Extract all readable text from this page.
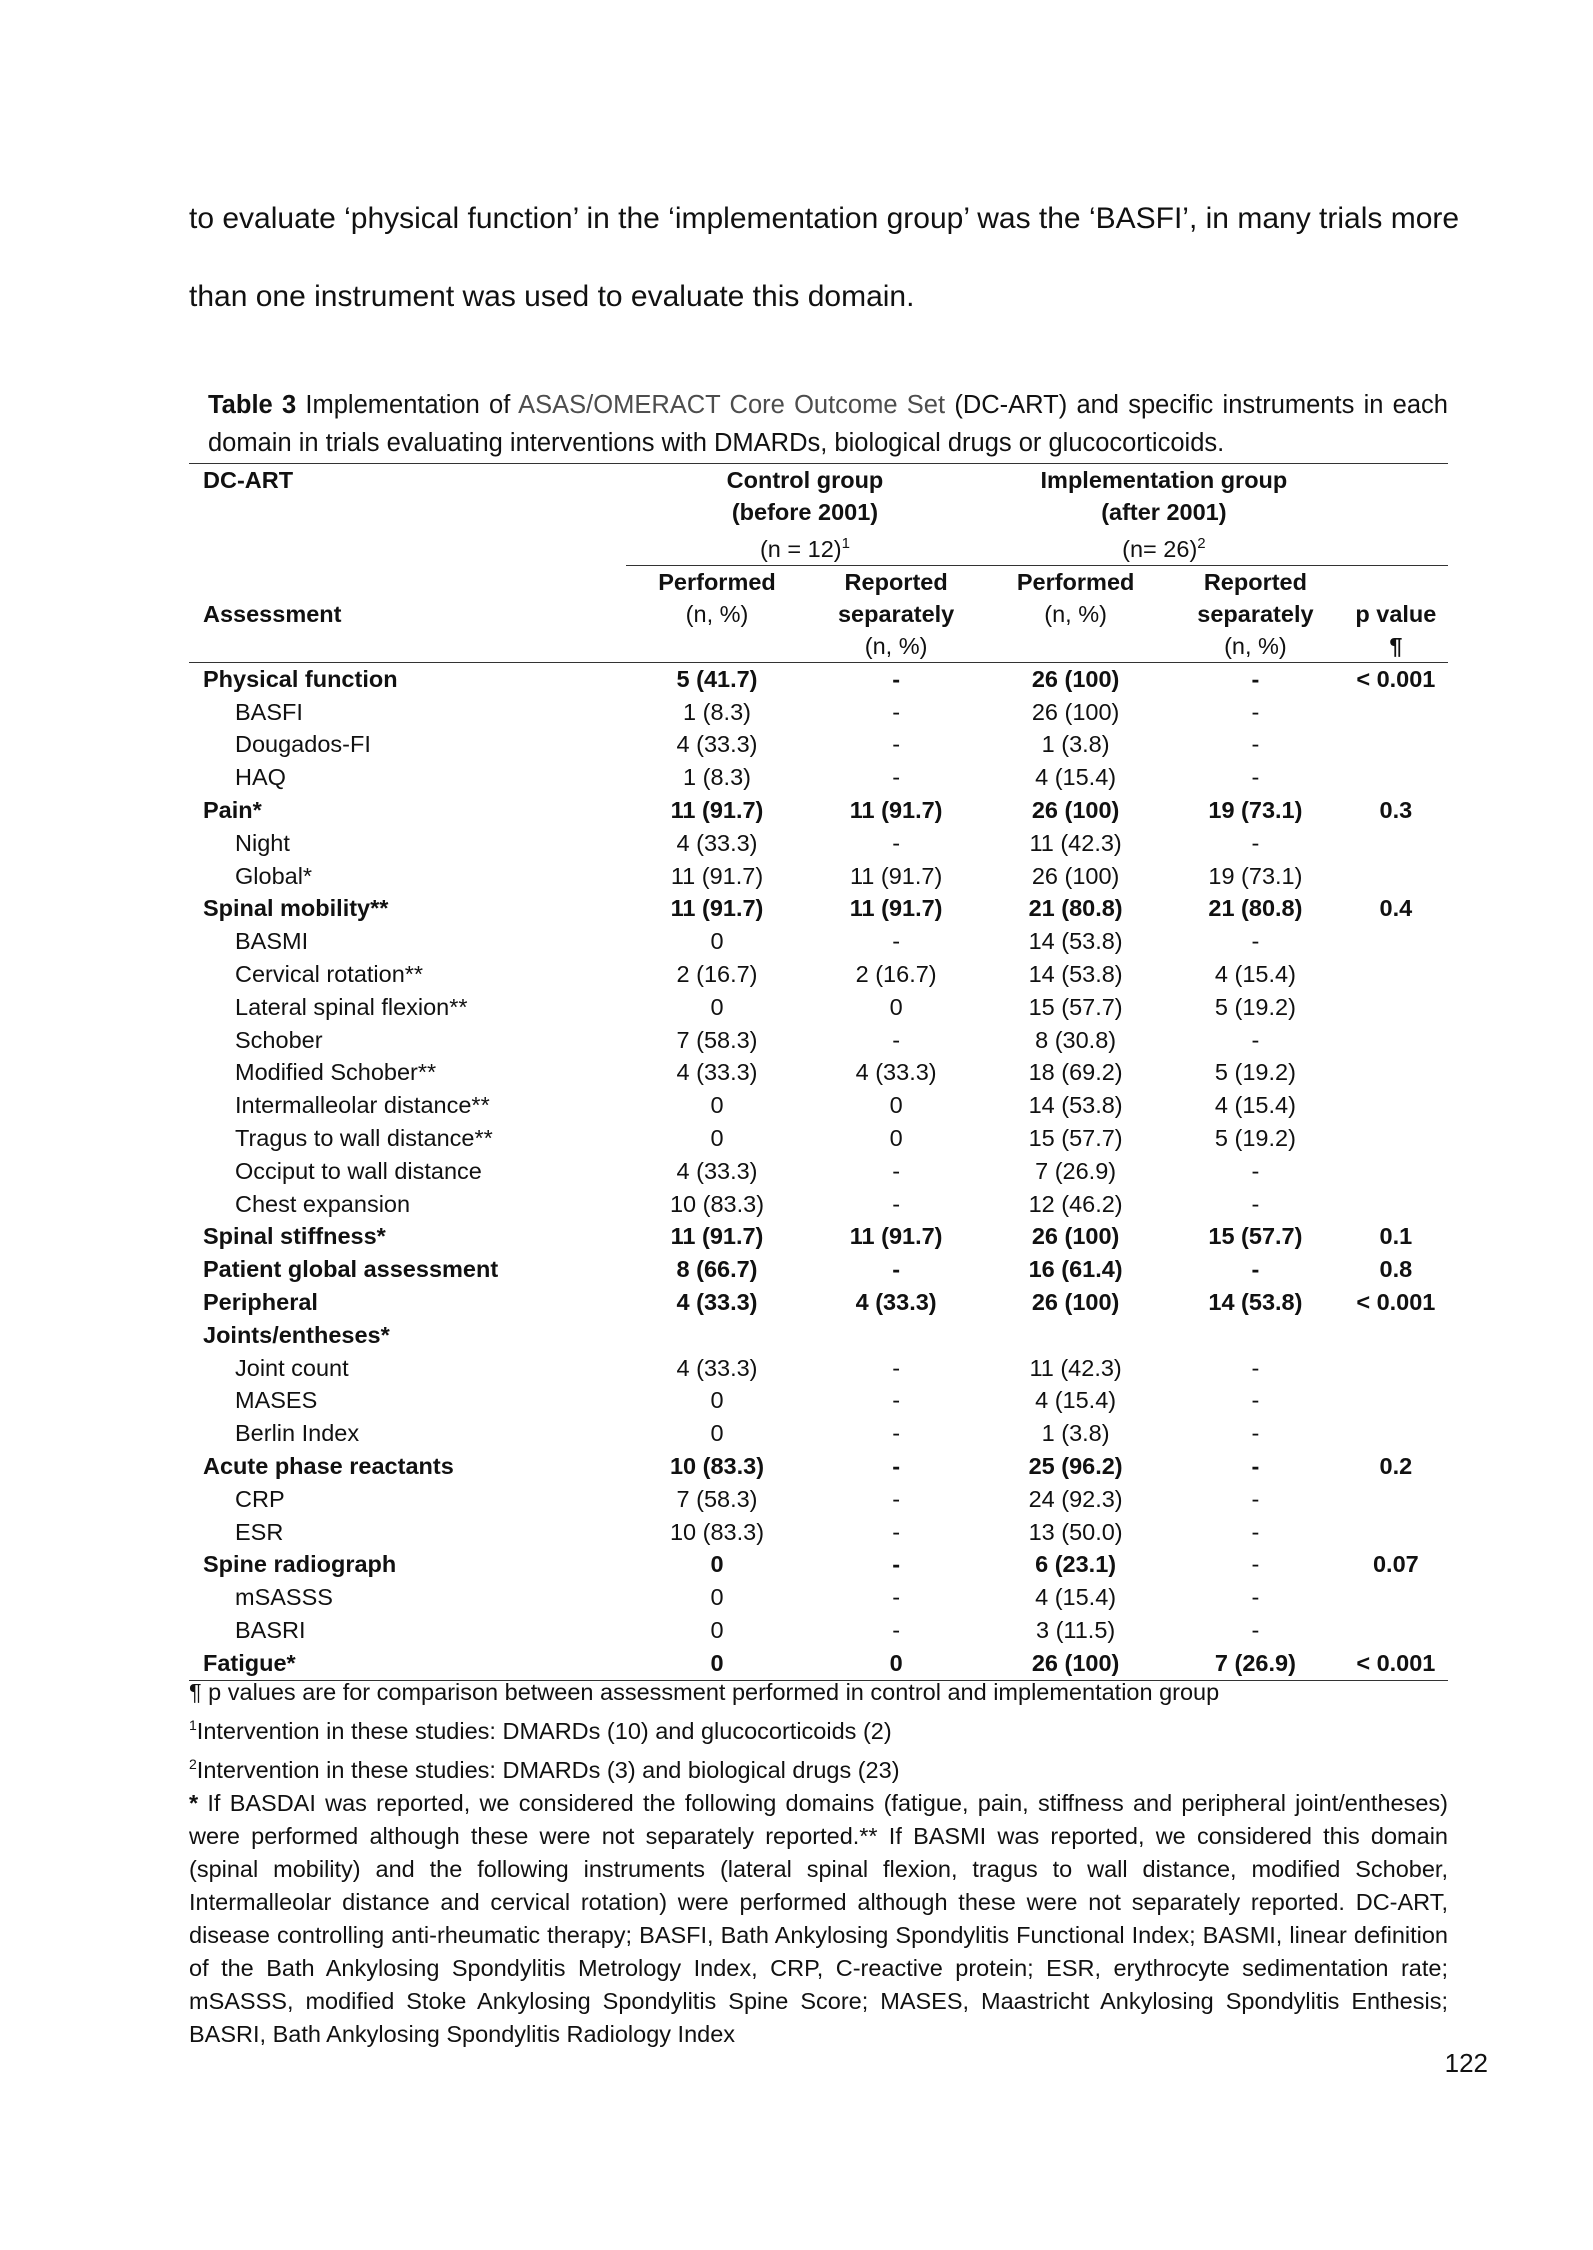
to evaluate ‘physical function’ in the ‘implementation group’ was the ‘BASFI’, in many trials more
than one instrument was used to evaluate this domain.

Table 3 Implementation of ASAS/OMERACT Core Outcome Set (DC-ART) and specific instruments in each domain in trials evaluating interventions with DMARDs, biological drugs or glucocorticoids.

DC-ART	Control group		Implementation group		
	(before 2001)		(after 2001)		
	(n = 12)$^1$		(n= 26)$^2$	
	Performed	Reported	Performed	Reported	
Assessment	(n, %)	separately	(n, %)	separately	p value
		(n, %)		(n, %)	¶
Physical function	5 (41.7)	-	26 (100)	-	< 0.001
BASFI	1 (8.3)	-	26 (100)	-	
Dougados-FI	4 (33.3)	-	1 (3.8)	-	
HAQ	1 (8.3)	-	4 (15.4)	-	
Pain*	11 (91.7)	11 (91.7)	26 (100)	19 (73.1)	0.3
Night	4 (33.3)	-	11 (42.3)	-	
Global*	11 (91.7)	11 (91.7)	26 (100)	19 (73.1)	
Spinal mobility**	11 (91.7)	11 (91.7)	21 (80.8)	21 (80.8)	0.4
BASMI	0	-	14 (53.8)	-	
Cervical rotation**	2 (16.7)	2 (16.7)	14 (53.8)	4 (15.4)	
Lateral spinal flexion**	0	0	15 (57.7)	5 (19.2)	
Schober	7 (58.3)	-	8 (30.8)	-	
Modified Schober**	4 (33.3)	4 (33.3)	18 (69.2)	5 (19.2)	
Intermalleolar distance**	0	0	14 (53.8)	4 (15.4)	
Tragus to wall distance**	0	0	15 (57.7)	5 (19.2)	
Occiput to wall distance	4 (33.3)	-	7 (26.9)	-	
Chest expansion	10 (83.3)	-	12 (46.2)	-	
Spinal stiffness*	11 (91.7)	11 (91.7)	26 (100)	15 (57.7)	0.1
Patient global assessment	8 (66.7)	-	16 (61.4)	-	0.8
Peripheral	4 (33.3)	4 (33.3)	26 (100)	14 (53.8)	< 0.001
Joints/entheses*					
Joint count	4 (33.3)	-	11 (42.3)	-	
MASES	0	-	4 (15.4)	-	
Berlin Index	0	-	1 (3.8)	-	
Acute phase reactants	10 (83.3)	-	25 (96.2)	-	0.2
CRP	7 (58.3)	-	24 (92.3)	-	
ESR	10 (83.3)	-	13 (50.0)	-	
Spine radiograph	0	-	6 (23.1)	-	0.07
mSASSS	0	-	4 (15.4)	-	
BASRI	0	-	3 (11.5)	-	
Fatigue*	0	0	26 (100)	7 (26.9)	< 0.001

¶ p values are for comparison between assessment performed in control and implementation group

$^1$Intervention in these studies: DMARDs (10) and glucocorticoids (2)

$^2$Intervention in these studies: DMARDs (3) and biological drugs (23)

* If BASDAI was reported, we considered the following domains (fatigue, pain, stiffness and peripheral joint/entheses) were performed although these were not separately reported.** If BASMI was reported, we considered this domain (spinal mobility) and the following instruments (lateral spinal flexion, tragus to wall distance, modified Schober, Intermalleolar distance and cervical rotation) were performed although these were not separately reported. DC-ART, disease controlling anti-rheumatic therapy; BASFI, Bath Ankylosing Spondylitis Functional Index; BASMI, linear definition of the Bath Ankylosing Spondylitis Metrology Index, CRP, C-reactive protein; ESR, erythrocyte sedimentation rate; mSASSS, modified Stoke Ankylosing Spondylitis Spine Score; MASES, Maastricht Ankylosing Spondylitis Enthesis; BASRI, Bath Ankylosing Spondylitis Radiology Index

122
